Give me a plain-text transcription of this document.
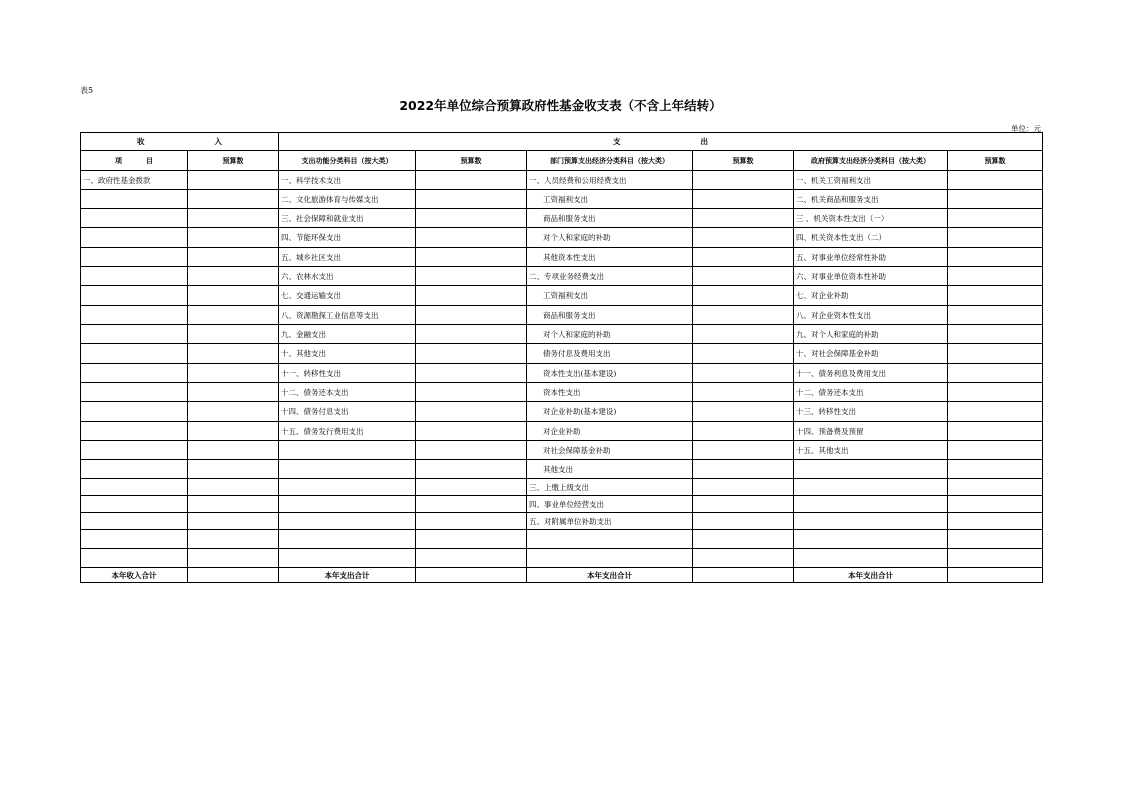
表5
2022年单位综合预算政府性基金收支表（不含上年结转）
单位：元
收 入		支 出					
项 目	预算数	支出功能分类科目（按大类）	预算数	部门预算支出经济分类科目（按大类）	预算数	政府预算支出经济分类科目（按大类）	预算数
一、政府性基金拨款		一、科学技术支出		一、人员经费和公用经费支出		一、机关工资福利支出	
		二、文化旅游体育与传媒支出		工资福利支出		二、机关商品和服务支出	
		三、社会保障和就业支出		商品和服务支出		三 、机关资本性支出（一）	
		四、节能环保支出		对个人和家庭的补助		四、机关资本性支出（二）	
		五、城乡社区支出		其他资本性支出		五、对事业单位经常性补助	
		六、农林水支出		二、专项业务经费支出		六、对事业单位资本性补助	
		七、交通运输支出		工资福利支出		七、对企业补助	
		八、资源勘探工业信息等支出		商品和服务支出		八、对企业资本性支出	
		九、金融支出		对个人和家庭的补助		九、对个人和家庭的补助	
		十、其他支出		债务付息及费用支出		十、对社会保障基金补助	
		十一、转移性支出		资本性支出(基本建设)		十一、债务利息及费用支出	
		十二、债务还本支出		资本性支出		十二、债务还本支出	
		十四、债务付息支出		对企业补助(基本建设)		十三、转移性支出	
		十五、债务发行费用支出		对企业补助		十四、预备费及预留	
				对社会保障基金补助		十五、其他支出	
				其他支出			
				三、上缴上级支出			
				四、事业单位经营支出			
				五、对附属单位补助支出			

本年收入合计		本年支出合计		本年支出合计		本年支出合计	
